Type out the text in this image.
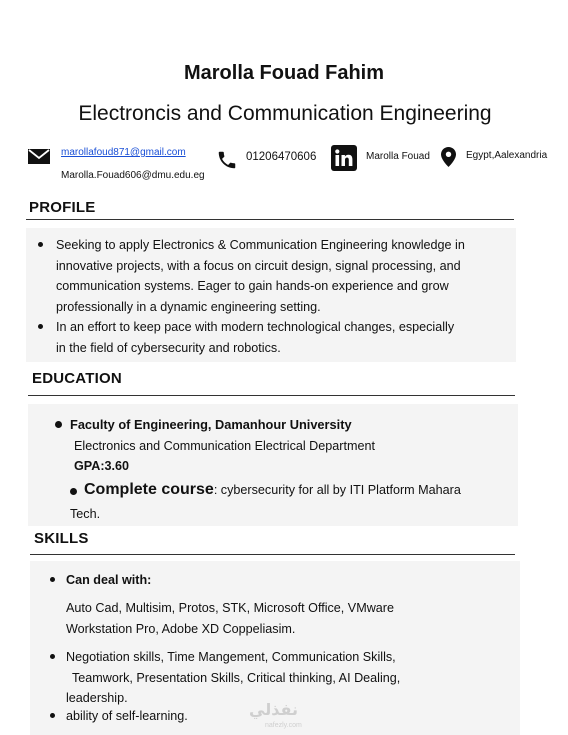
Marolla Fouad Fahim
Electroncis and Communication Engineering
marollafoud871@gmail.com
Marolla.Fouad606@dmu.edu.eg
01206470606	Marolla Fouad	Egypt,Aalexandria
PROFILE
Seeking to apply Electronics & Communication Engineering knowledge in
innovative projects, with a focus on circuit design, signal processing, and
communication systems. Eager to gain hands-on experience and grow
professionally in a dynamic engineering setting.
In an effort to keep pace with modern technological changes, especially
in the field of cybersecurity and robotics.
EDUCATION
Faculty of Engineering, Damanhour University
Electronics and Communication Electrical Department
GPA:3.60
Complete course: cybersecurity for all by ITI Platform Mahara
Tech.
SKILLS
Can deal with:
Auto Cad, Multisim, Protos, STK, Microsoft Office, VMware
Workstation Pro, Adobe XD Coppeliasim.
Negotiation skills, Time Mangement, Communication Skills,
Teamwork, Presentation Skills, Critical thinking, AI Dealing,
leadership.
ability of self-learning.	نفذلي
nafezly.com
